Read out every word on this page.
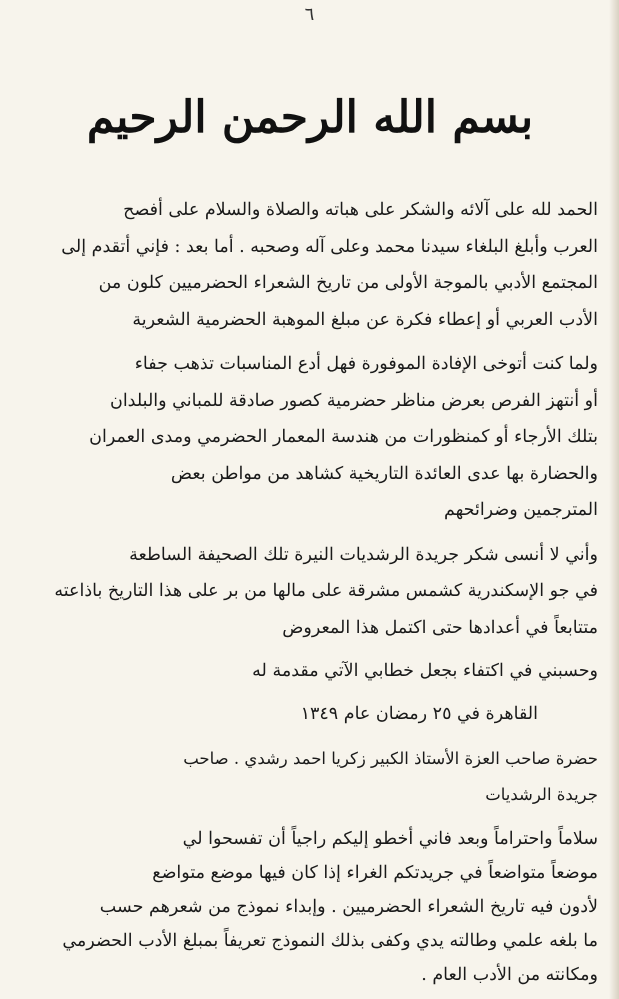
٦
بسم الله الرحمن الرحيم
الحمد لله على آلائه والشكر على هباته والصلاة والسلام على أفصح
العرب وأبلغ البلغاء سيدنا محمد وعلى آله وصحبه . أما بعد : فإني أتقدم إلى
المجتمع الأدبي بالموجة الأولى من تاريخ الشعراء الحضرميين كلون من
الأدب العربي أو إعطاء فكرة عن مبلغ الموهبة الحضرمية الشعرية
ولما كنت أتوخى الإفادة الموفورة فهل أدع المناسبات تذهب جفاء
أو أنتهز الفرص بعرض مناظر حضرمية كصور صادقة للمباني والبلدان
بتلك الأرجاء أو كمنظورات من هندسة المعمار الحضرمي ومدى العمران
والحضارة بها عدى العائدة التاريخية كشاهد من مواطن بعض
المترجمين وضرائحهم
وأني لا أنسى شكر جريدة الرشديات النيرة تلك الصحيفة الساطعة
في جو الإسكندرية كشمس مشرقة على مالها من بر على هذا التاريخ باذاعته
متتابعاً في أعدادها حتى اكتمل هذا المعروض
وحسبني في اكتفاء بجعل خطابي الآتي مقدمة له
القاهرة في ٢٥ رمضان عام ١٣٤٩
حضرة صاحب العزة الأستاذ الكبير زكريا احمد رشدي . صاحب
جريدة الرشديات
سلاماً واحتراماً وبعد فاني أخطو إليكم راجياً أن تفسحوا لي
موضعاً متواضعاً في جريدتكم الغراء إذا كان فيها موضع متواضع
لأدون فيه تاريخ الشعراء الحضرميين . وإبداء نموذج من شعرهم حسب
ما بلغه علمي وطالته يدي وكفى بذلك النموذج تعريفاً بمبلغ الأدب الحضرمي
ومكانته من الأدب العام .
